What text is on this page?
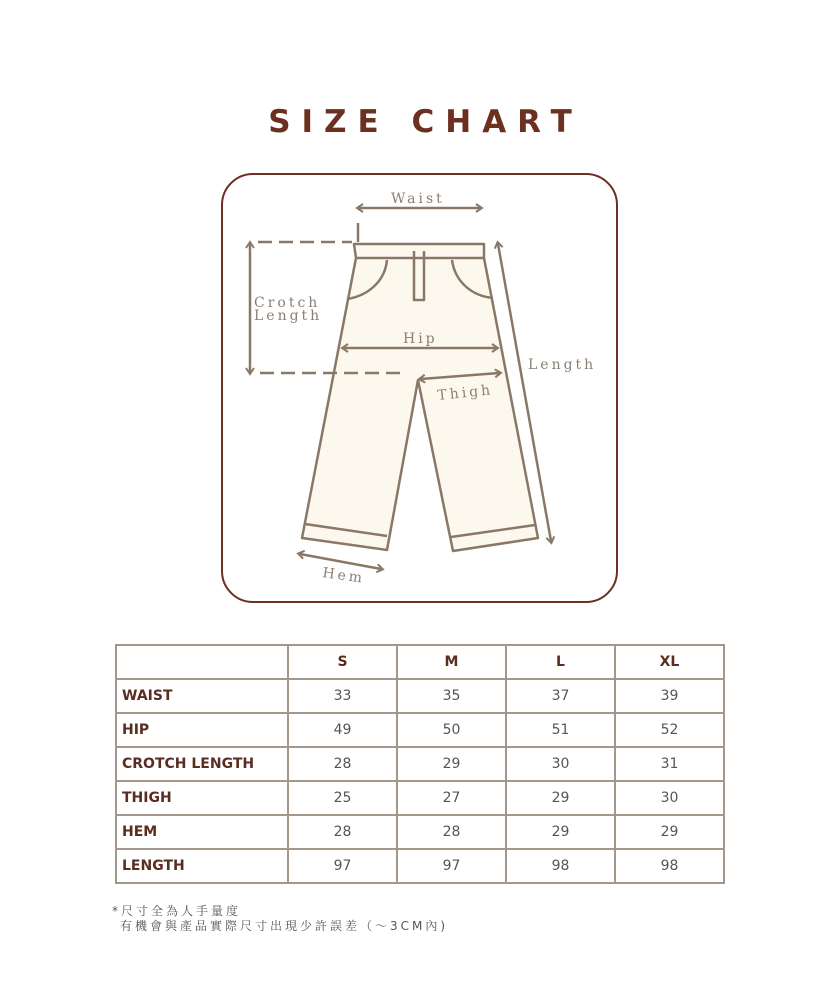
SIZE CHART
Waist
Crotch
Length
Hip
Length
Thigh
Hem
	S	M	L	XL
WAIST	33	35	37	39
HIP	49	50	51	52
CROTCH LENGTH	28	29	30	31
THIGH	25	27	29	30
HEM	28	28	29	29
LENGTH	97	97	98	98
*尺寸全為人手量度
有機會與產品實際尺寸出現少許誤差（～3CM內)
